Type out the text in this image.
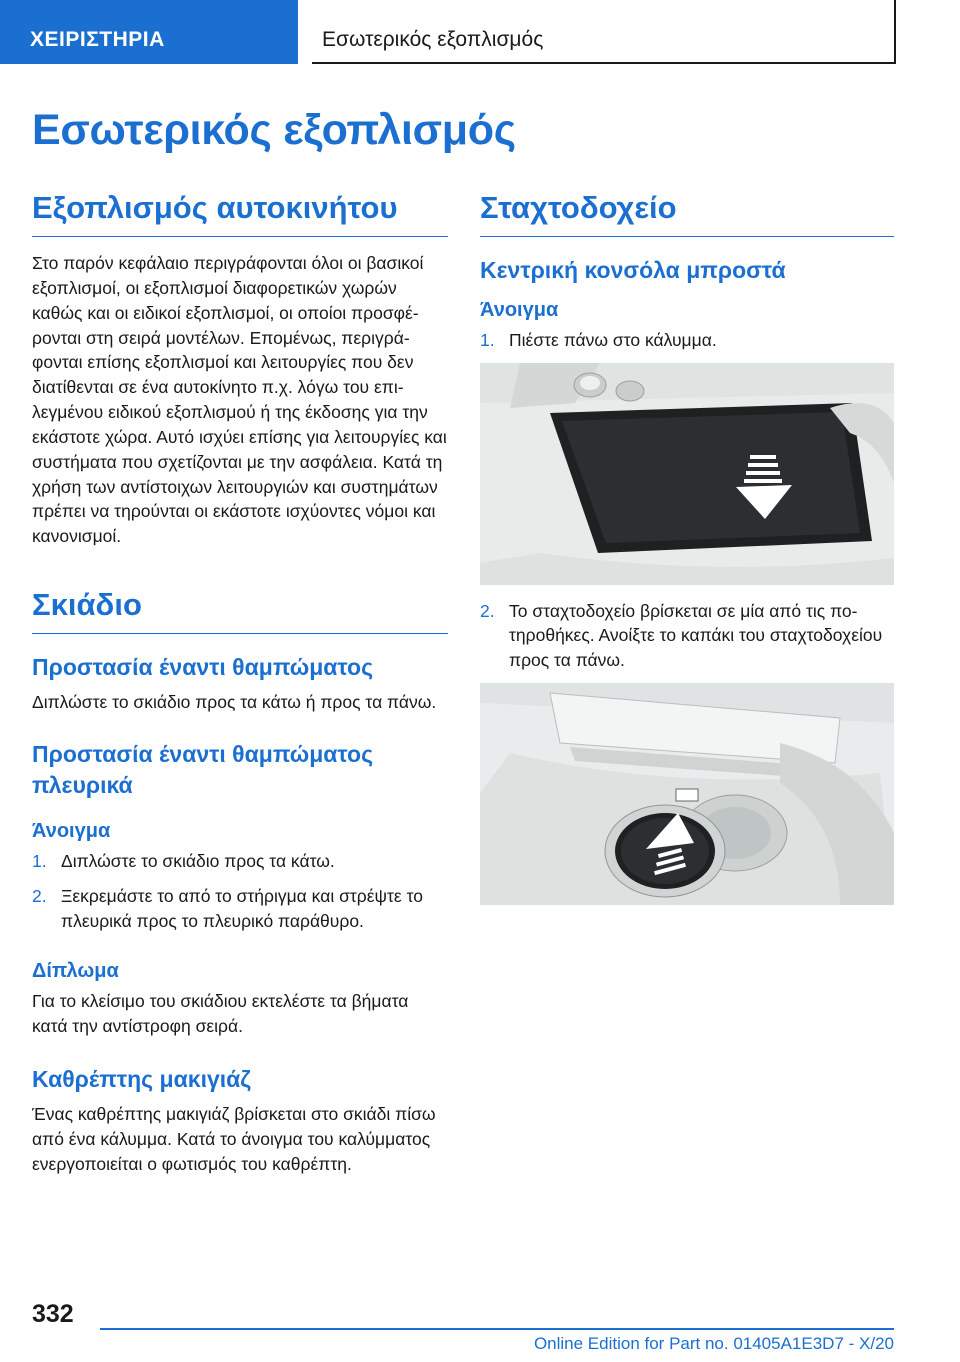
ΧΕΙΡΙΣΤΗΡΙΑ	Εσωτερικός εξοπλισμός
Εσωτερικός εξοπλισμός
Εξοπλισμός αυτοκινήτου

Στο παρόν κεφάλαιο περιγράφονται όλοι οι βασικοί εξοπλισμοί, οι εξοπλισμοί διαφορετικών χωρών καθώς και οι ειδικοί εξοπλισμοί, οι οποίοι προσφέρονται στη σειρά μοντέλων. Επομένως, περιγράφονται επίσης εξοπλισμοί και λειτουργίες που δεν διατίθενται σε ένα αυτοκίνητο π.χ. λόγω του επιλεγμένου ειδικού εξοπλισμού ή της έκδοσης για την εκάστοτε χώρα. Αυτό ισχύει επίσης για λειτουργίες και συστήματα που σχετίζονται με την ασφάλεια. Κατά τη χρήση των αντίστοιχων λειτουργιών και συστημάτων πρέπει να τηρούνται οι εκάστοτε ισχύοντες νόμοι και κανονισμοί.

Σκιάδιο
Προστασία έναντι θαμπώματος

Διπλώστε το σκιάδιο προς τα κάτω ή προς τα πάνω.

Προστασία έναντι θαμπώματος πλευρικά
Άνοιγμα
1. Διπλώστε το σκιάδιο προς τα κάτω.
2. Ξεκρεμάστε το από το στήριγμα και στρέψτε το πλευρικά προς το πλευρικό παράθυρο.
Δίπλωμα

Για το κλείσιμο του σκιάδιου εκτελέστε τα βήματα κατά την αντίστροφη σειρά.

Καθρέπτης μακιγιάζ

Ένας καθρέπτης μακιγιάζ βρίσκεται στο σκιάδι πίσω από ένα κάλυμμα. Κατά το άνοιγμα του καλύμματος ενεργοποιείται ο φωτισμός του καθρέπτη.

Σταχτοδοχείο
Κεντρική κονσόλα μπροστά
Άνοιγμα
1. Πιέστε πάνω στο κάλυμμα.
2. Το σταχτοδοχείο βρίσκεται σε μία από τις ποτηροθήκες. Ανοίξτε το καπάκι του σταχτοδοχείου προς τα πάνω.
332
Online Edition for Part no. 01405A1E3D7 - X/20
